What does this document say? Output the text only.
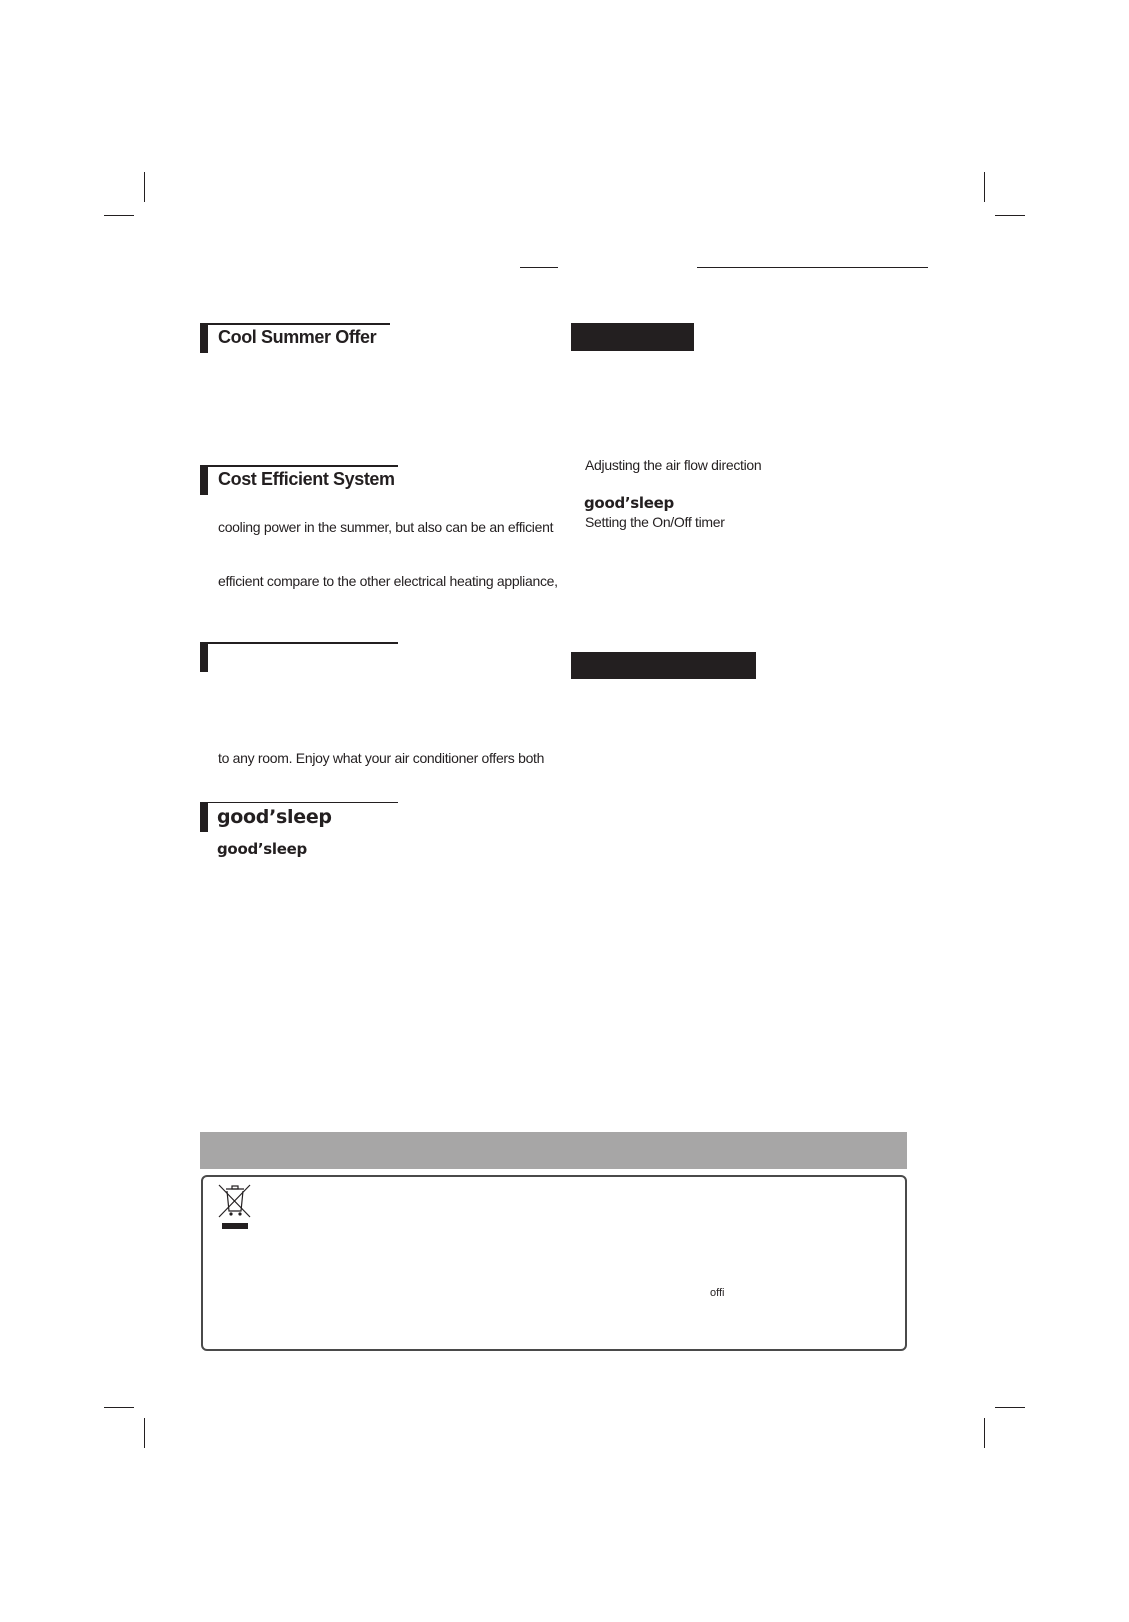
Cool Summer Offer
Cost Efficient System
cooling power in the summer, but also can be an efficient
efficient compare to the other electrical heating appliance,
to any room. Enjoy what your air conditioner offers both
good’sleep
good’sleep
Adjusting the air flow direction
good’sleep
Setting the On/Off timer
offi
